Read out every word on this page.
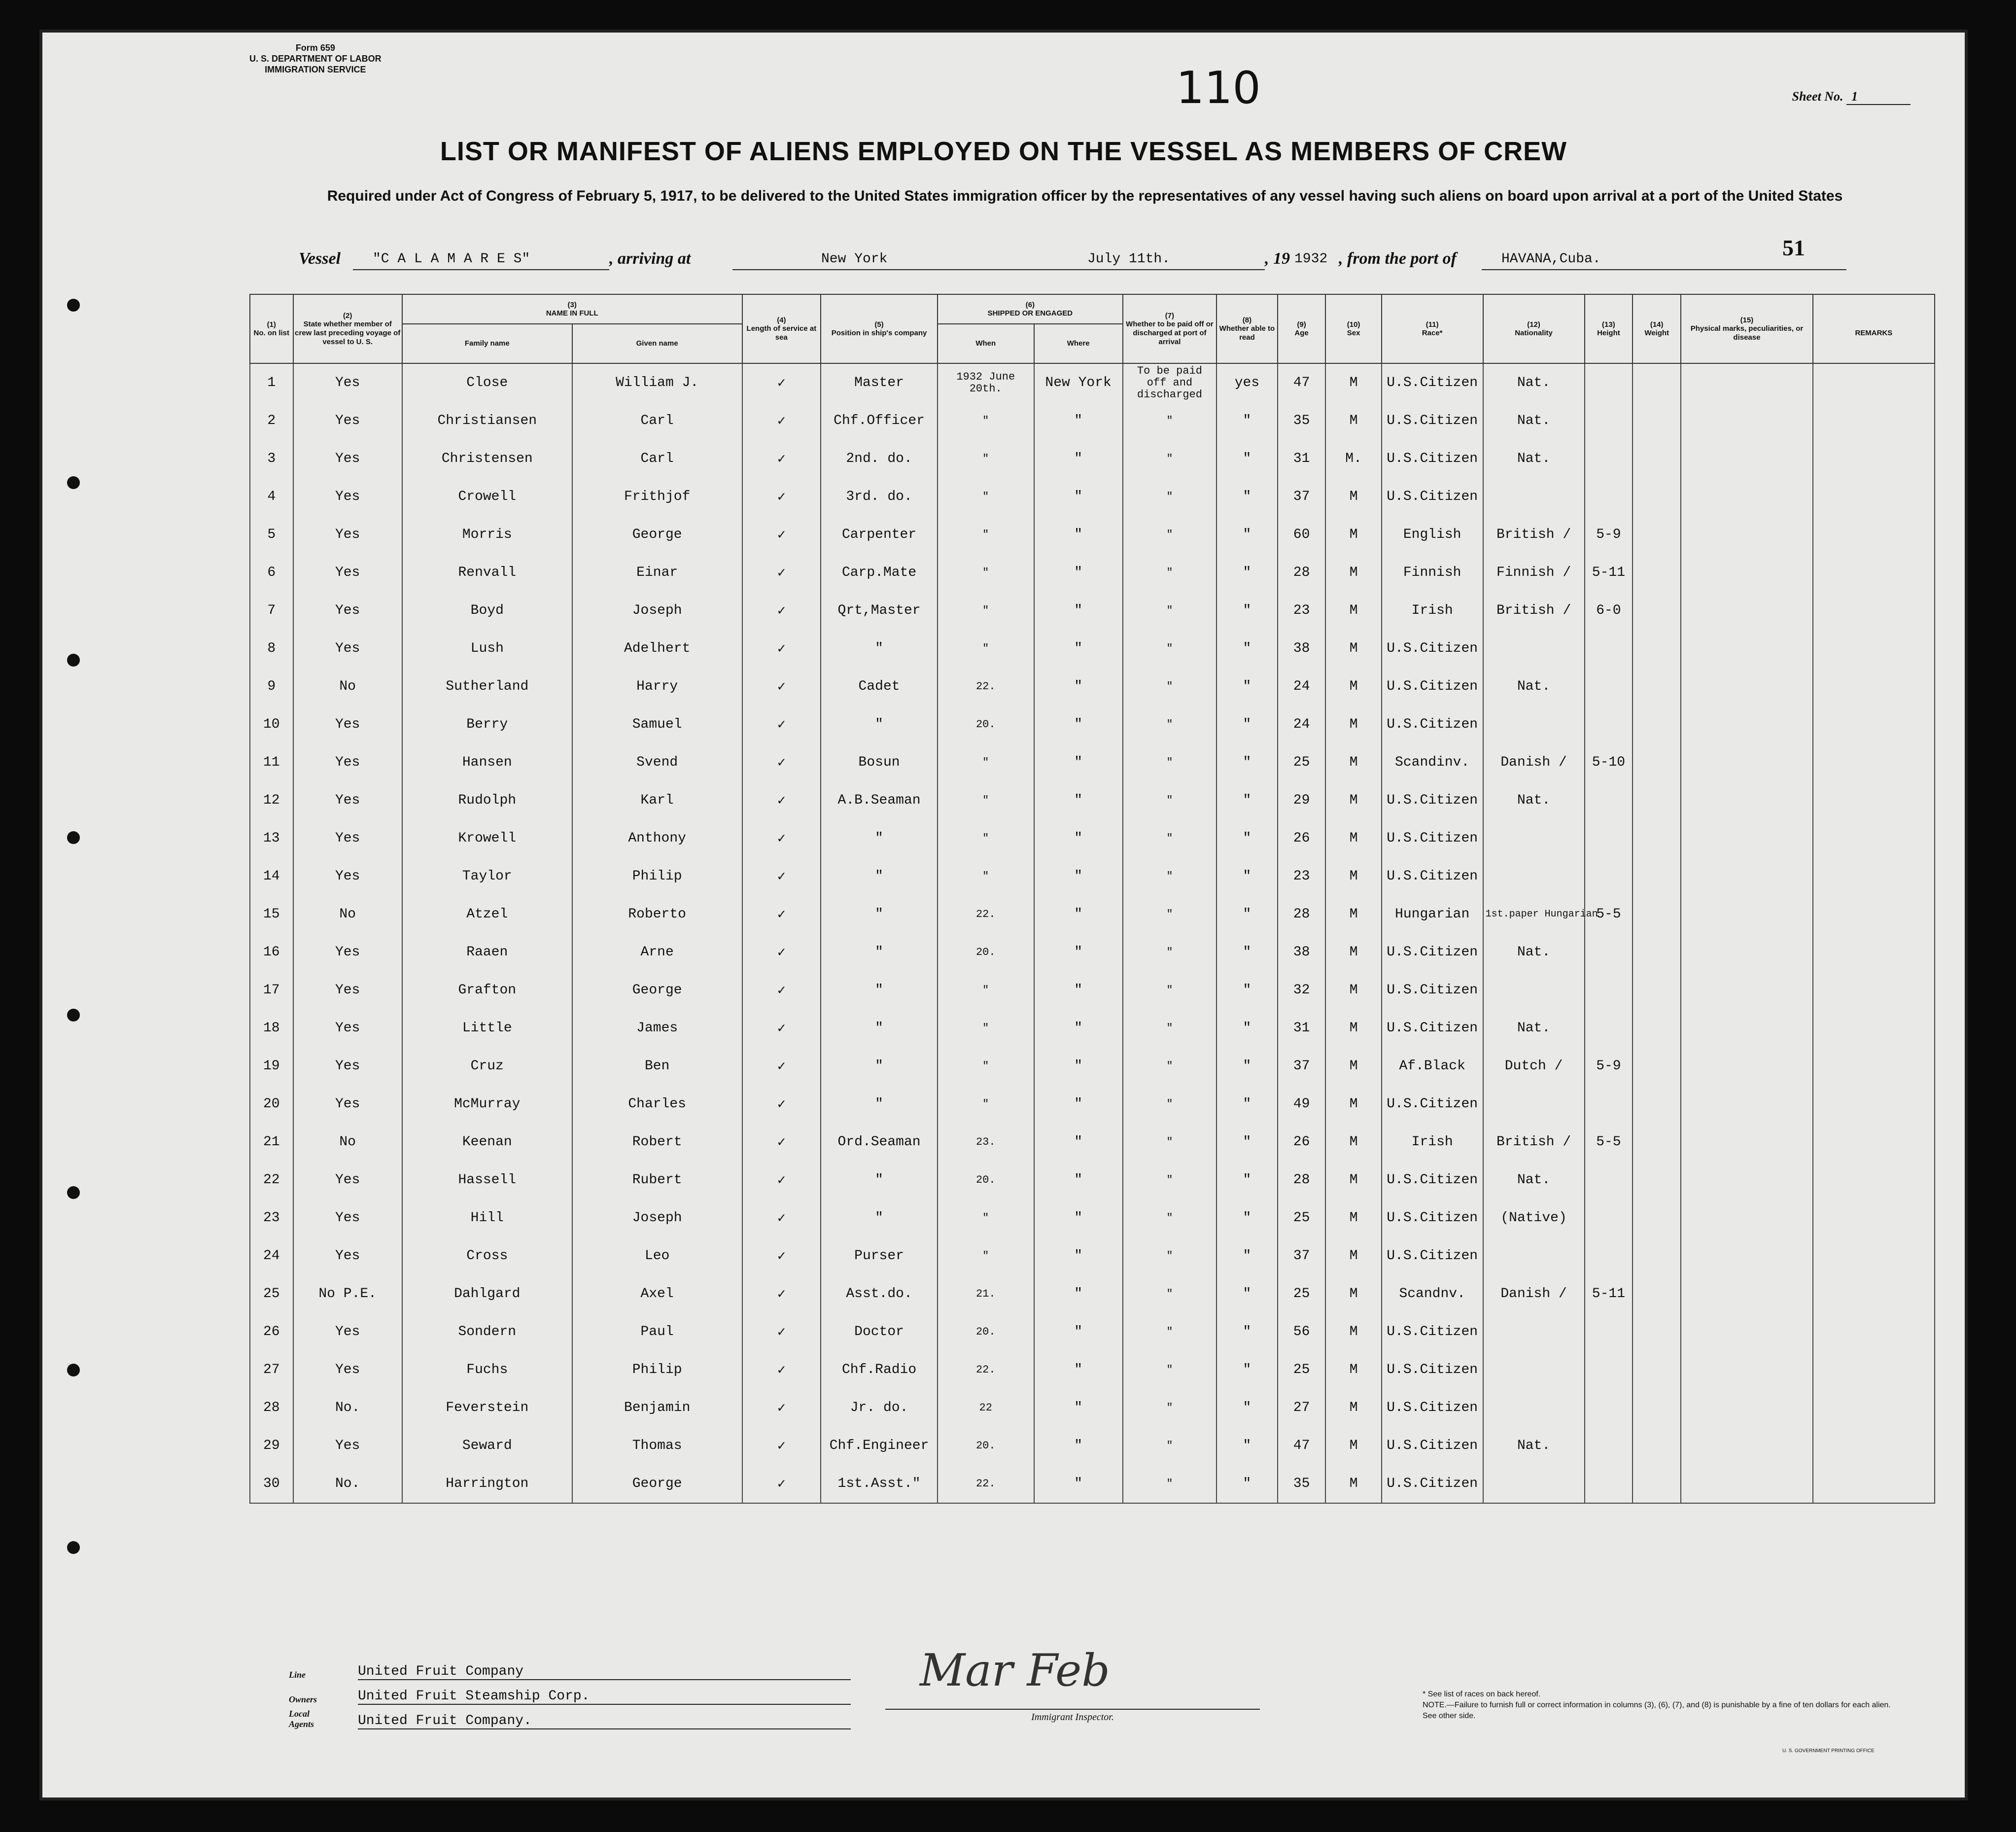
Form 659
U. S. DEPARTMENT OF LABOR
IMMIGRATION SERVICE	110	Sheet No. 1
LIST OR MANIFEST OF ALIENS EMPLOYED ON THE VESSEL AS MEMBERS OF CREW
Required under Act of Congress of February 5, 1917, to be delivered to the United States immigration officer by the representatives of any vessel having such aliens on board upon arrival at a port of the United States
51
Vessel "C A L A M A R E S"	, arriving at	New York	July 11th.	, 19 1932 , from the port of	HAVANA,Cuba.
(1)
No. on list	(2)
State whether member of crew last preceding voyage of vessel to U. S.	(3)
NAME IN FULL		(4)
Length of service at sea	(5)
Position in ship's company	(6)
SHIPPED OR ENGAGED		(7)
Whether to be paid off or discharged at port of arrival	(8)
Whether able to read	(9)
Age	(10)
Sex	(11)
Race*	(12)
Nationality	(13)
Height	(14)
Weight	(15)
Physical marks, peculiarities, or disease	REMARKS
		Family name	Given name			When	Where										
1	Yes	Close	William J.	✓	Master	1932 June 20th.	New York	To be paid off and discharged	yes	47	M	U.S.Citizen	Nat.				
2	Yes	Christiansen	Carl	✓	Chf.Officer	"	"	"	"	35	M	U.S.Citizen	Nat.				
3	Yes	Christensen	Carl	✓	2nd. do.	"	"	"	"	31	M.	U.S.Citizen	Nat.				
4	Yes	Crowell	Frithjof	✓	3rd. do.	"	"	"	"	37	M	U.S.Citizen					
5	Yes	Morris	George	✓	Carpenter	"	"	"	"	60	M	English	British /	5-9			
6	Yes	Renvall	Einar	✓	Carp.Mate	"	"	"	"	28	M	Finnish	Finnish /	5-11			
7	Yes	Boyd	Joseph	✓	Qrt,Master	"	"	"	"	23	M	Irish	British /	6-0			
8	Yes	Lush	Adelhert	✓	"	"	"	"	"	38	M	U.S.Citizen					
9	No	Sutherland	Harry	✓	Cadet	22.	"	"	"	24	M	U.S.Citizen	Nat.				
10	Yes	Berry	Samuel	✓	"	20.	"	"	"	24	M	U.S.Citizen					
11	Yes	Hansen	Svend	✓	Bosun	"	"	"	"	25	M	Scandinv.	Danish /	5-10			
12	Yes	Rudolph	Karl	✓	A.B.Seaman	"	"	"	"	29	M	U.S.Citizen	Nat.				
13	Yes	Krowell	Anthony	✓	"	"	"	"	"	26	M	U.S.Citizen					
14	Yes	Taylor	Philip	✓	"	"	"	"	"	23	M	U.S.Citizen					
15	No	Atzel	Roberto	✓	"	22.	"	"	"	28	M	Hungarian	1st.paper Hungarian	5-5			
16	Yes	Raaen	Arne	✓	"	20.	"	"	"	38	M	U.S.Citizen	Nat.				
17	Yes	Grafton	George	✓	"	"	"	"	"	32	M	U.S.Citizen					
18	Yes	Little	James	✓	"	"	"	"	"	31	M	U.S.Citizen	Nat.				
19	Yes	Cruz	Ben	✓	"	"	"	"	"	37	M	Af.Black	Dutch /	5-9			
20	Yes	McMurray	Charles	✓	"	"	"	"	"	49	M	U.S.Citizen					
21	No	Keenan	Robert	✓	Ord.Seaman	23.	"	"	"	26	M	Irish	British /	5-5			
22	Yes	Hassell	Rubert	✓	"	20.	"	"	"	28	M	U.S.Citizen	Nat.				
23	Yes	Hill	Joseph	✓	"	"	"	"	"	25	M	U.S.Citizen	(Native)				
24	Yes	Cross	Leo	✓	Purser	"	"	"	"	37	M	U.S.Citizen					
25	No P.E.	Dahlgard	Axel	✓	Asst.do.	21.	"	"	"	25	M	Scandnv.	Danish /	5-11			
26	Yes	Sondern	Paul	✓	Doctor	20.	"	"	"	56	M	U.S.Citizen					
27	Yes	Fuchs	Philip	✓	Chf.Radio	22.	"	"	"	25	M	U.S.Citizen					
28	No.	Feverstein	Benjamin	✓	Jr. do.	22	"	"	"	27	M	U.S.Citizen					
29	Yes	Seward	Thomas	✓	Chf.Engineer	20.	"	"	"	47	M	U.S.Citizen	Nat.				
30	No.	Harrington	George	✓	1st.Asst."	22.	"	"	"	35	M	U.S.Citizen					
Line	United Fruit Company
Owners	United Fruit Steamship Corp.
Local Agents	United Fruit Company.
Mar Feb
Immigrant Inspector.
* See list of races on back hereof.
NOTE.—Failure to furnish full or correct information in columns (3), (6), (7), and (8) is punishable by a fine of ten dollars for each alien. See other side.
U. S. GOVERNMENT PRINTING OFFICE
